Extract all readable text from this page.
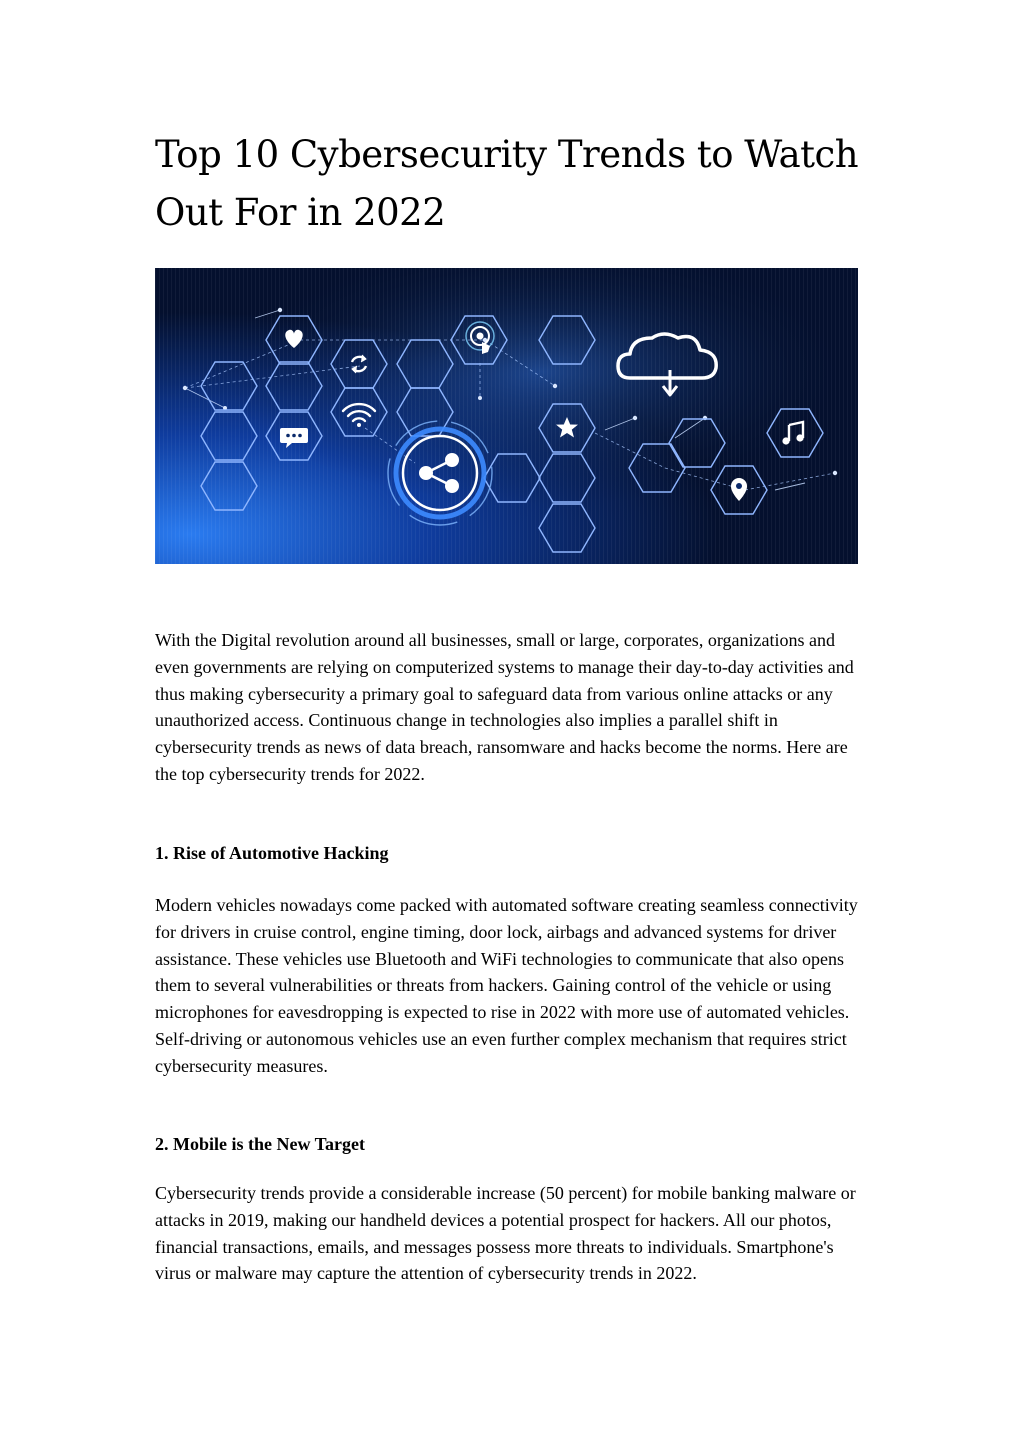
Top 10 Cybersecurity Trends to Watch Out For in 2022

With the Digital revolution around all businesses, small or large, corporates, organizations and even governments are relying on computerized systems to manage their day-to-day activities and thus making cybersecurity a primary goal to safeguard data from various online attacks or any unauthorized access. Continuous change in technologies also implies a parallel shift in cybersecurity trends as news of data breach, ransomware and hacks become the norms. Here are the top cybersecurity trends for 2022.

1. Rise of Automotive Hacking

Modern vehicles nowadays come packed with automated software creating seamless connectivity for drivers in cruise control, engine timing, door lock, airbags and advanced systems for driver assistance. These vehicles use Bluetooth and WiFi technologies to communicate that also opens them to several vulnerabilities or threats from hackers. Gaining control of the vehicle or using microphones for eavesdropping is expected to rise in 2022 with more use of automated vehicles. Self-driving or autonomous vehicles use an even further complex mechanism that requires strict cybersecurity measures.

2. Mobile is the New Target

Cybersecurity trends provide a considerable increase (50 percent) for mobile banking malware or attacks in 2019, making our handheld devices a potential prospect for hackers. All our photos, financial transactions, emails, and messages possess more threats to individuals. Smartphone's virus or malware may capture the attention of cybersecurity trends in 2022.
